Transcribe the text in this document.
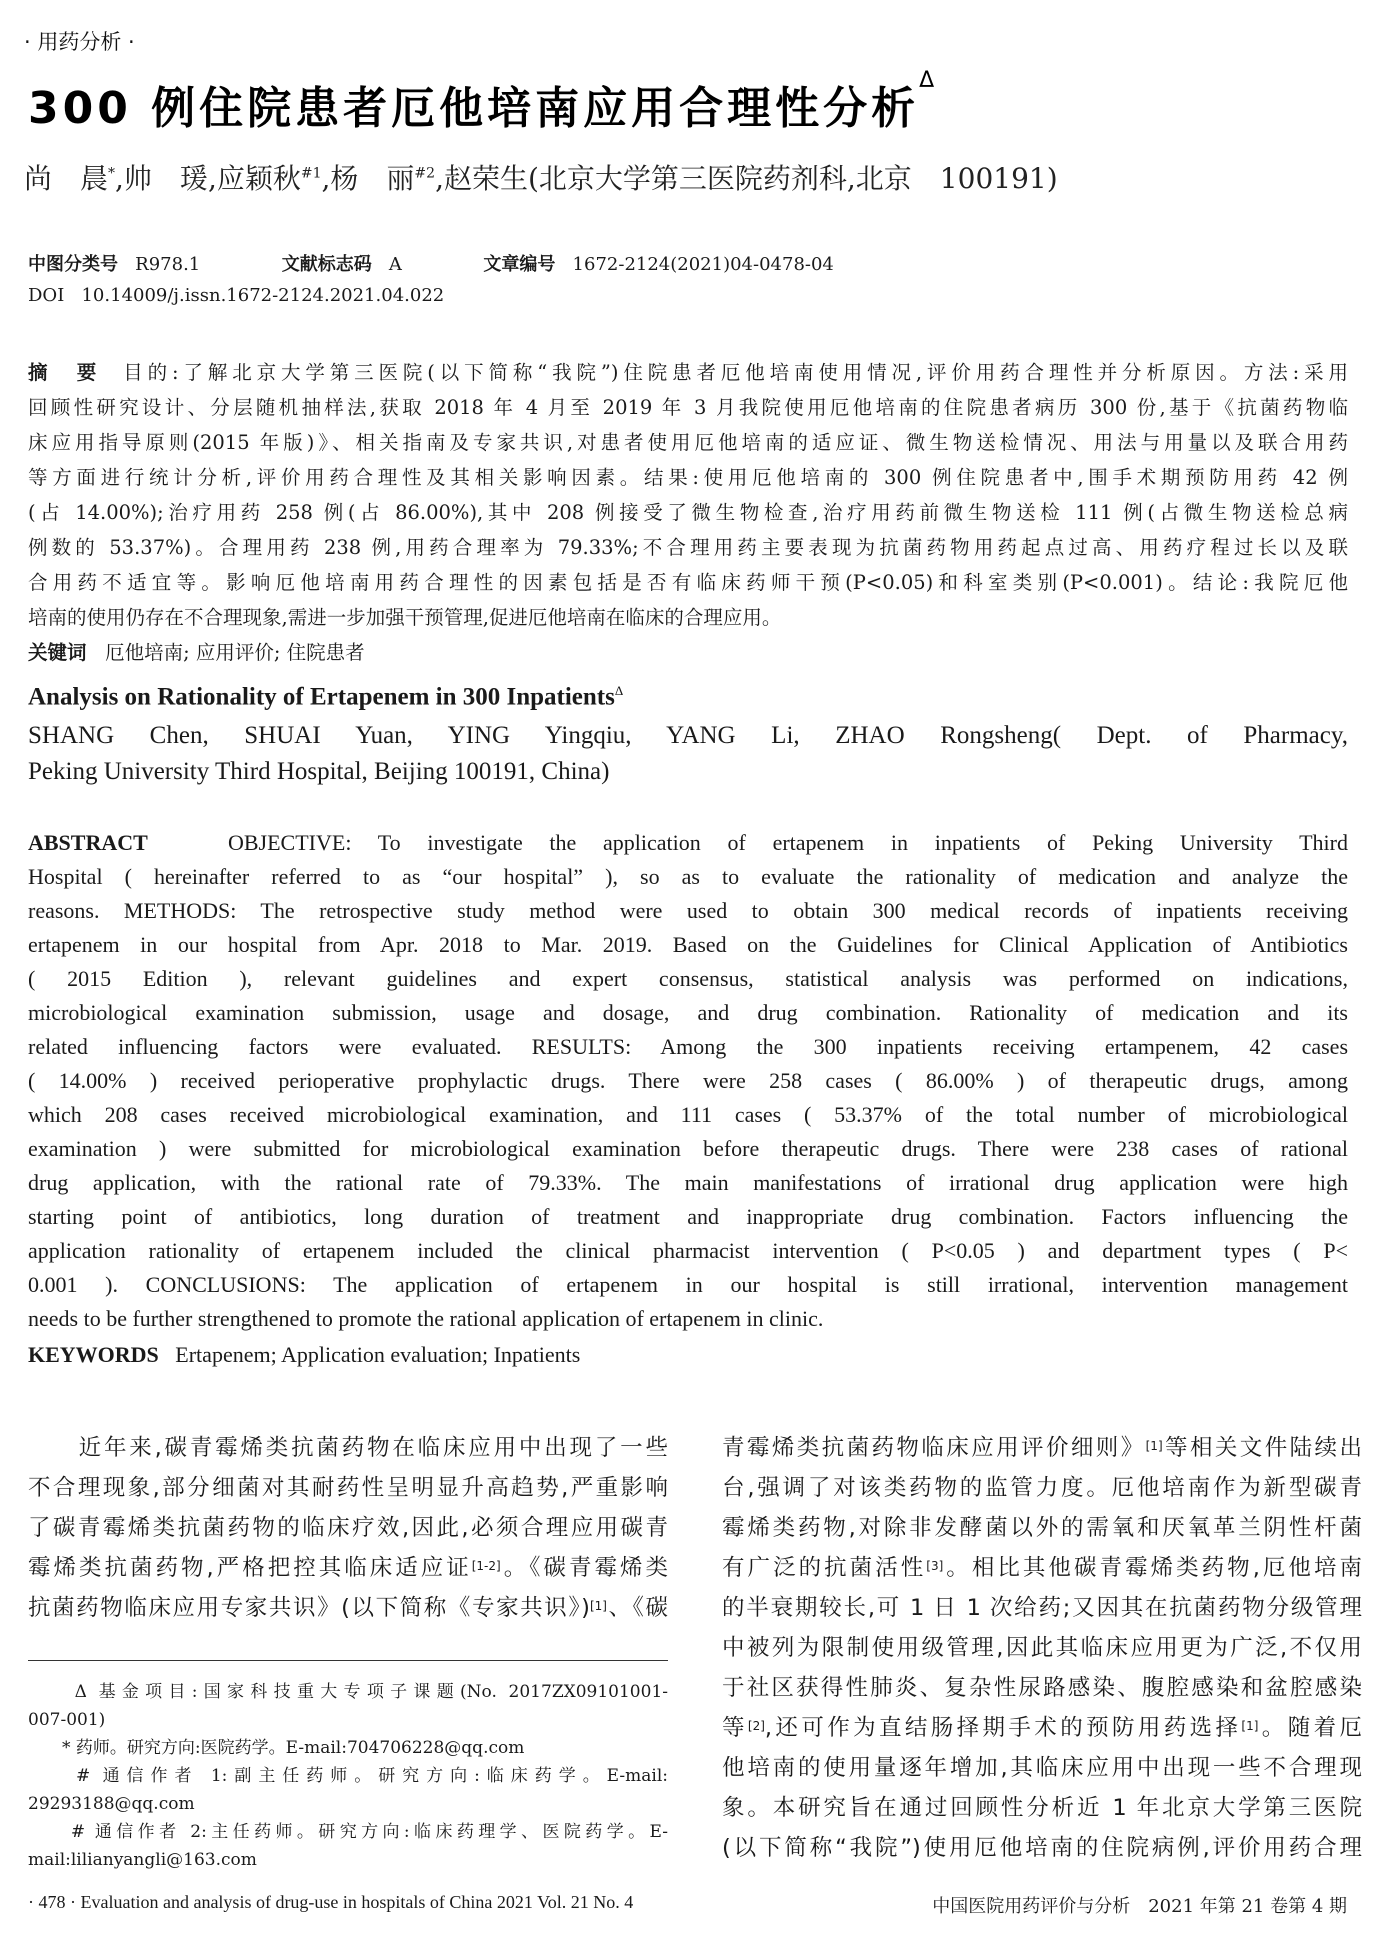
· 用药分析 ·
300 例住院患者厄他培南应用合理性分析$^\Delta$
尚　晨*,帅　瑗,应颖秋$^{\#1}$,杨　丽$^{\#2}$,赵荣生(北京大学第三医院药剂科,北京　100191)
中图分类号 R978.1	文献标志码 A	文章编号 1672-2124(2021)04-0478-04
DOI 10.14009/j.issn.1672-2124.2021.04.022
摘　要 目的:了解北京大学第三医院(以下简称“我院”)住院患者厄他培南使用情况,评价用药合理性并分析原因。方法:采用
回顾性研究设计、分层随机抽样法,获取 2018 年 4 月至 2019 年 3 月我院使用厄他培南的住院患者病历 300 份,基于《抗菌药物临
床应用指导原则(2015 年版)》、相关指南及专家共识,对患者使用厄他培南的适应证、微生物送检情况、用法与用量以及联合用药
等方面进行统计分析,评价用药合理性及其相关影响因素。结果:使用厄他培南的 300 例住院患者中,围手术期预防用药 42 例
(占 14.00%);治疗用药 258 例(占 86.00%),其中 208 例接受了微生物检查,治疗用药前微生物送检 111 例(占微生物送检总病
例数的 53.37%)。合理用药 238 例,用药合理率为 79.33%;不合理用药主要表现为抗菌药物用药起点过高、用药疗程过长以及联
合用药不适宜等。影响厄他培南用药合理性的因素包括是否有临床药师干预(P<0.05)和科室类别(P<0.001)。结论:我院厄他
培南的使用仍存在不合理现象,需进一步加强干预管理,促进厄他培南在临床的合理应用。
关键词 厄他培南; 应用评价; 住院患者
Analysis on Rationality of Ertapenem in 300 Inpatients$^\Delta$
SHANG Chen, SHUAI Yuan, YING Yingqiu, YANG Li, ZHAO Rongsheng( Dept. of Pharmacy,
Peking University Third Hospital, Beijing 100191, China)
ABSTRACT	OBJECTIVE: To investigate the application of ertapenem in inpatients of Peking University Third
Hospital ( hereinafter referred to as “our hospital” ), so as to evaluate the rationality of medication and analyze the
reasons. METHODS: The retrospective study method were used to obtain 300 medical records of inpatients receiving
ertapenem in our hospital from Apr. 2018 to Mar. 2019. Based on the Guidelines for Clinical Application of Antibiotics
( 2015 Edition ), relevant guidelines and expert consensus, statistical analysis was performed on indications,
microbiological examination submission, usage and dosage, and drug combination. Rationality of medication and its
related influencing factors were evaluated. RESULTS: Among the 300 inpatients receiving ertampenem, 42 cases
( 14.00% ) received perioperative prophylactic drugs. There were 258 cases ( 86.00% ) of therapeutic drugs, among
which 208 cases received microbiological examination, and 111 cases ( 53.37% of the total number of microbiological
examination ) were submitted for microbiological examination before therapeutic drugs. There were 238 cases of rational
drug application, with the rational rate of 79.33%. The main manifestations of irrational drug application were high
starting point of antibiotics, long duration of treatment and inappropriate drug combination. Factors influencing the
application rationality of ertapenem included the clinical pharmacist intervention ( P<0.05 ) and department types ( P<
0.001 ). CONCLUSIONS: The application of ertapenem in our hospital is still irrational, intervention management
needs to be further strengthened to promote the rational application of ertapenem in clinic.
KEYWORDS Ertapenem; Application evaluation; Inpatients
　　近年来,碳青霉烯类抗菌药物在临床应用中出现了一些
不合理现象,部分细菌对其耐药性呈明显升高趋势,严重影响
了碳青霉烯类抗菌药物的临床疗效,因此,必须合理应用碳青
霉烯类抗菌药物,严格把控其临床适应证[1-2]。《碳青霉烯类
抗菌药物临床应用专家共识》(以下简称《专家共识》)[1]、《碳
　　Δ 基金项目:国家科技重大专项子课题(No. 2017ZX09101001-
007-001)
　　* 药师。研究方向:医院药学。E-mail:704706228@qq.com
　　# 通信作者 1:副主任药师。研究方向:临床药学。E-mail:
29293188@qq.com
　　# 通信作者 2:主任药师。研究方向:临床药理学、医院药学。E-
mail:lilianyangli@163.com
青霉烯类抗菌药物临床应用评价细则》[1]等相关文件陆续出
台,强调了对该类药物的监管力度。厄他培南作为新型碳青
霉烯类药物,对除非发酵菌以外的需氧和厌氧革兰阴性杆菌
有广泛的抗菌活性[3]。相比其他碳青霉烯类药物,厄他培南
的半衰期较长,可 1 日 1 次给药;又因其在抗菌药物分级管理
中被列为限制使用级管理,因此其临床应用更为广泛,不仅用
于社区获得性肺炎、复杂性尿路感染、腹腔感染和盆腔感染
等[2],还可作为直结肠择期手术的预防用药选择[1]。随着厄
他培南的使用量逐年增加,其临床应用中出现一些不合理现
象。本研究旨在通过回顾性分析近 1 年北京大学第三医院
(以下简称“我院”)使用厄他培南的住院病例,评价用药合理
· 478 · Evaluation and analysis of drug-use in hospitals of China 2021 Vol. 21 No. 4	中国医院用药评价与分析　2021 年第 21 卷第 4 期
